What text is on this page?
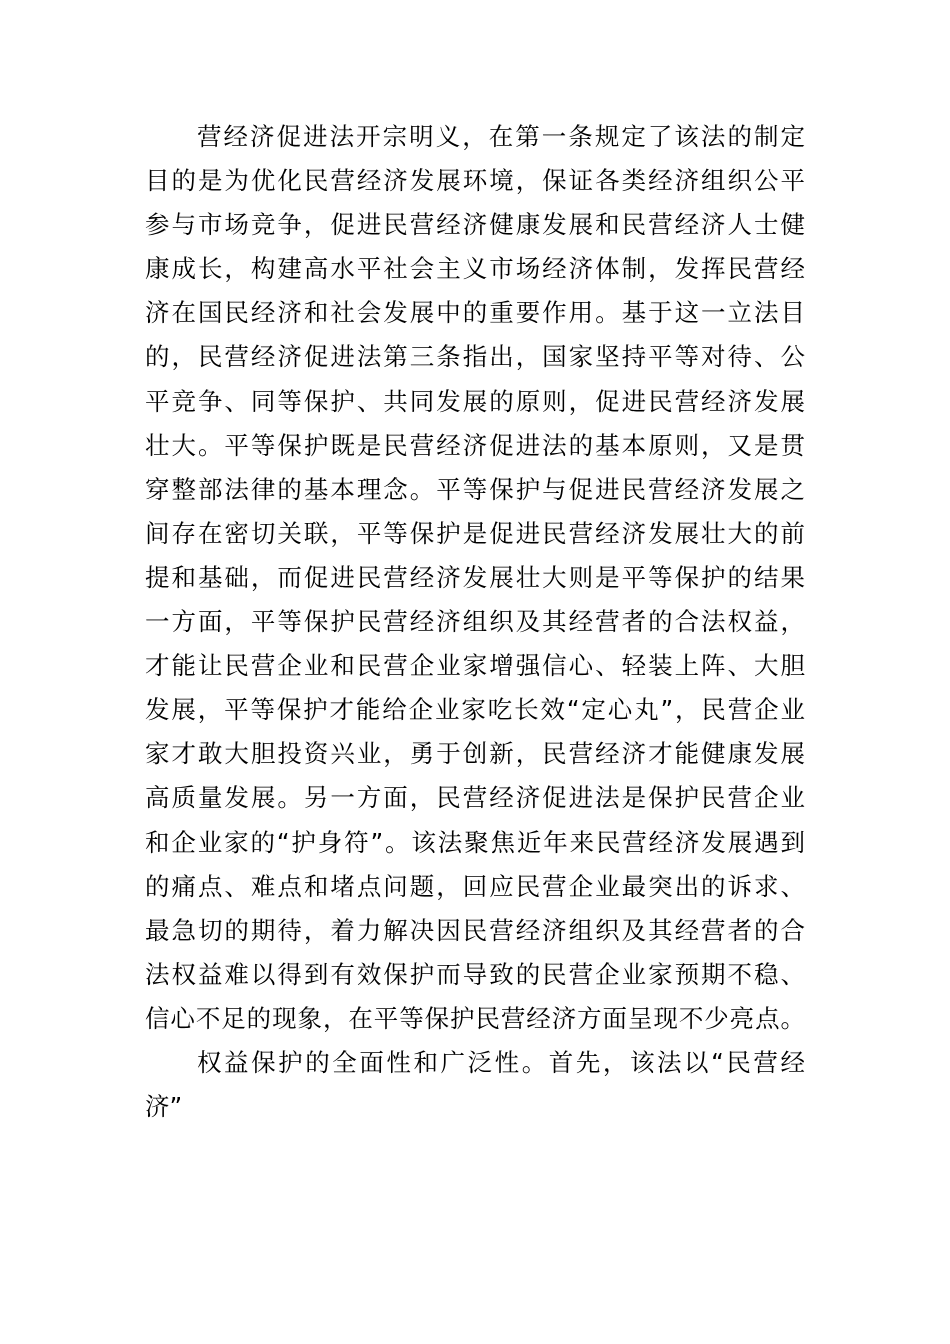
营经济促进法开宗明义，在第一条规定了该法的制定
目的是为优化民营经济发展环境，保证各类经济组织公平
参与市场竞争，促进民营经济健康发展和民营经济人士健
康成长，构建高水平社会主义市场经济体制，发挥民营经
济在国民经济和社会发展中的重要作用。基于这一立法目
的，民营经济促进法第三条指出，国家坚持平等对待、公
平竞争、同等保护、共同发展的原则，促进民营经济发展
壮大。平等保护既是民营经济促进法的基本原则，又是贯
穿整部法律的基本理念。平等保护与促进民营经济发展之
间存在密切关联，平等保护是促进民营经济发展壮大的前
提和基础，而促进民营经济发展壮大则是平等保护的结果
一方面，平等保护民营经济组织及其经营者的合法权益，
才能让民营企业和民营企业家增强信心、轻装上阵、大胆
发展，平等保护才能给企业家吃长效“定心丸”，民营企业
家才敢大胆投资兴业，勇于创新，民营经济才能健康发展
高质量发展。另一方面，民营经济促进法是保护民营企业
和企业家的“护身符”。该法聚焦近年来民营经济发展遇到
的痛点、难点和堵点问题，回应民营企业最突出的诉求、
最急切的期待，着力解决因民营经济组织及其经营者的合
法权益难以得到有效保护而导致的民营企业家预期不稳、
信心不足的现象，在平等保护民营经济方面呈现不少亮点。
权益保护的全面性和广泛性。首先，该法以“民营经
济”
